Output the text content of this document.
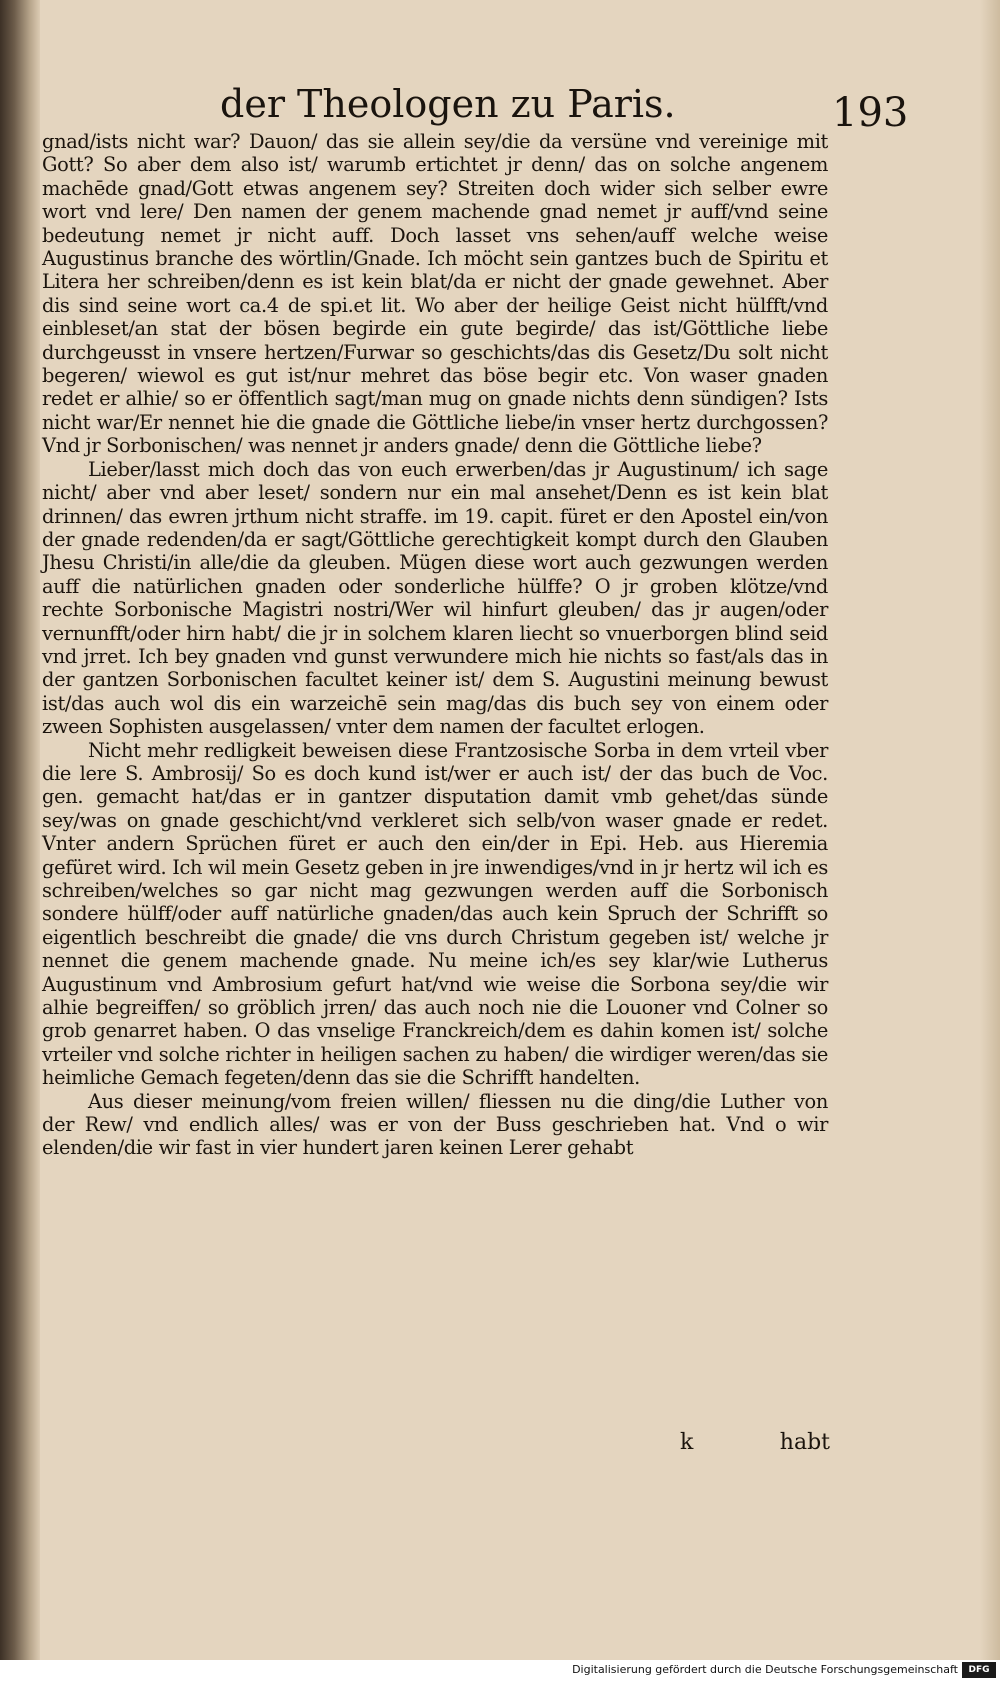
der Theologen zu Paris.	193

gnad/ists nicht war? Dauon/ das sie allein sey/die da versüne vnd vereinige mit Gott? So aber dem also ist/ warumb ertichtet jr denn/ das on solche angenem machēde gnad/Gott etwas angenem sey? Streiten doch wider sich selber ewre wort vnd lere/ Den namen der genem machende gnad nemet jr auff/vnd seine bedeutung nemet jr nicht auff. Doch lasset vns sehen/auff welche weise Augustinus branche des wörtlin/Gnade. Ich möcht sein gantzes buch de Spiritu et Litera her schreiben/denn es ist kein blat/da er nicht der gnade gewehnet. Aber dis sind seine wort ca.4 de spi.et lit. Wo aber der heilige Geist nicht hülfft/vnd einbleset/an stat der bösen begirde ein gute begirde/ das ist/Göttliche liebe durchgeusst in vnsere hertzen/Furwar so geschichts/das dis Gesetz/Du solt nicht begeren/ wiewol es gut ist/nur mehret das böse begir etc. Von waser gnaden redet er alhie/ so er öffentlich sagt/man mug on gnade nichts denn sündigen? Ists nicht war/Er nennet hie die gnade die Göttliche liebe/in vnser hertz durchgossen? Vnd jr Sorbonischen/ was nennet jr anders gnade/ denn die Göttliche liebe?

Lieber/lasst mich doch das von euch erwerben/das jr Augustinum/ ich sage nicht/ aber vnd aber leset/ sondern nur ein mal ansehet/Denn es ist kein blat drinnen/ das ewren jrthum nicht straffe. im 19. capit. füret er den Apostel ein/von der gnade redenden/da er sagt/Göttliche gerechtigkeit kompt durch den Glauben Jhesu Christi/in alle/die da gleuben. Mügen diese wort auch gezwungen werden auff die natürlichen gnaden oder sonderliche hülffe? O jr groben klötze/vnd rechte Sorbonische Magistri nostri/Wer wil hinfurt gleuben/ das jr augen/oder vernunfft/oder hirn habt/ die jr in solchem klaren liecht so vnuerborgen blind seid vnd jrret. Ich bey gnaden vnd gunst verwundere mich hie nichts so fast/als das in der gantzen Sorbonischen facultet keiner ist/ dem S. Augustini meinung bewust ist/das auch wol dis ein warzeichē sein mag/das dis buch sey von einem oder zween Sophisten ausgelassen/ vnter dem namen der facultet erlogen.

Nicht mehr redligkeit beweisen diese Frantzosische Sorba in dem vrteil vber die lere S. Ambrosij/ So es doch kund ist/wer er auch ist/ der das buch de Voc. gen. gemacht hat/das er in gantzer disputation damit vmb gehet/das sünde sey/was on gnade geschicht/vnd verkleret sich selb/von waser gnade er redet. Vnter andern Sprüchen füret er auch den ein/der in Epi. Heb. aus Hieremia gefüret wird. Ich wil mein Gesetz geben in jre inwendiges/vnd in jr hertz wil ich es schreiben/welches so gar nicht mag gezwungen werden auff die Sorbonisch sondere hülff/oder auff natürliche gnaden/das auch kein Spruch der Schrifft so eigentlich beschreibt die gnade/ die vns durch Christum gegeben ist/ welche jr nennet die genem machende gnade. Nu meine ich/es sey klar/wie Lutherus Augustinum vnd Ambrosium gefurt hat/vnd wie weise die Sorbona sey/die wir alhie begreiffen/ so gröblich jrren/ das auch noch nie die Louoner vnd Colner so grob genarret haben. O das vnselige Franckreich/dem es dahin komen ist/ solche vrteiler vnd solche richter in heiligen sachen zu haben/ die wirdiger weren/das sie heimliche Gemach fegeten/denn das sie die Schrifft handelten.

Aus dieser meinung/vom freien willen/ fliessen nu die ding/die Luther von der Rew/ vnd endlich alles/ was er von der Buss geschrieben hat. Vnd o wir elenden/die wir fast in vier hundert jaren keinen Lerer gehabt

k	habt
Digitalisierung gefördert durch die Deutsche Forschungsgemeinschaft	DFG
